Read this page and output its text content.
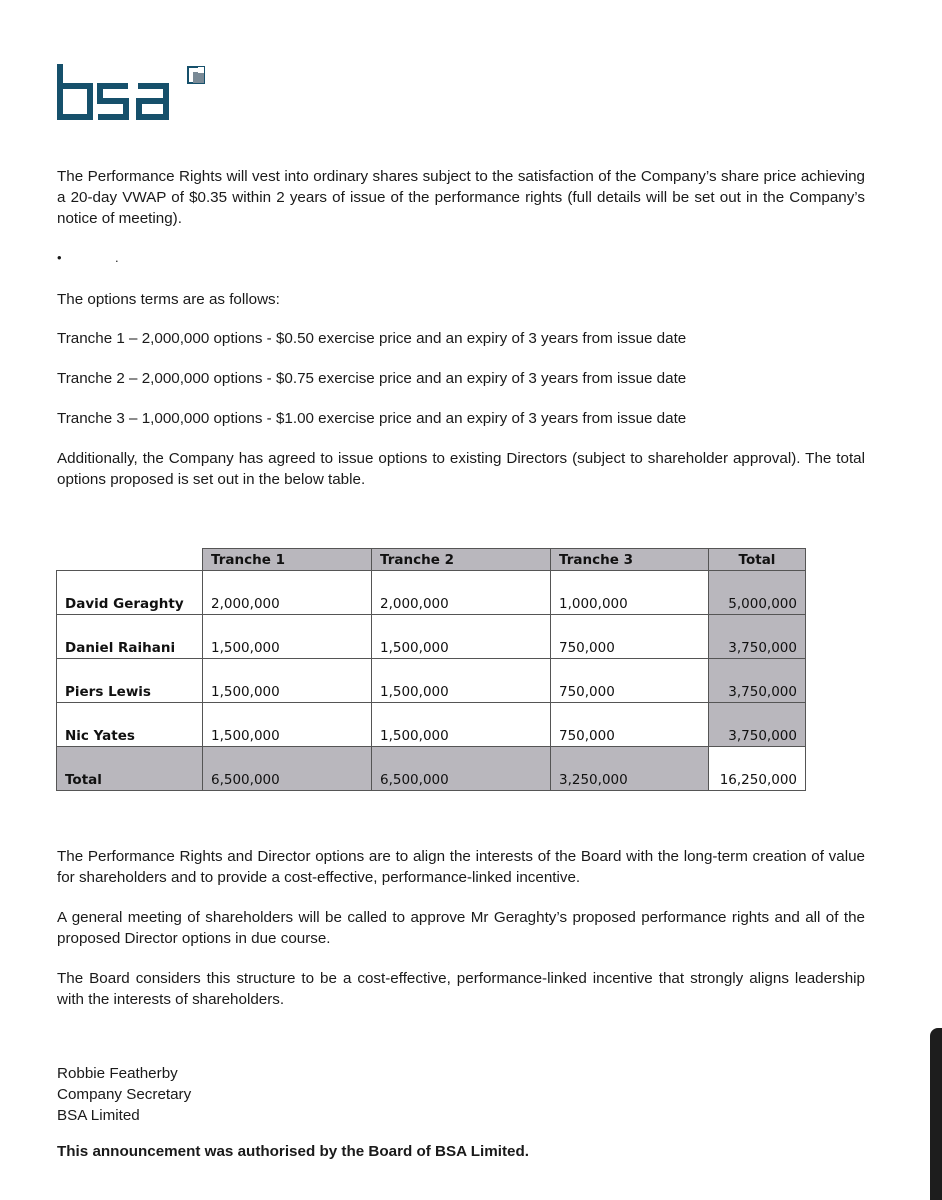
The Performance Rights will vest into ordinary shares subject to the satisfaction of the Company’s share price achieving a 20-day VWAP of $0.35 within 2 years of issue of the performance rights (full details will be set out in the Company’s notice of meeting).

•	.

The options terms are as follows:

Tranche 1 – 2,000,000 options - $0.50 exercise price and an expiry of 3 years from issue date

Tranche 2 – 2,000,000 options - $0.75 exercise price and an expiry of 3 years from issue date

Tranche 3 – 1,000,000 options - $1.00 exercise price and an expiry of 3 years from issue date

Additionally, the Company has agreed to issue options to existing Directors (subject to shareholder approval). The total options proposed is set out in the below table.

	Tranche 1	Tranche 2	Tranche 3	Total
David Geraghty	2,000,000	2,000,000	1,000,000	5,000,000
Daniel Raihani	1,500,000	1,500,000	750,000	3,750,000
Piers Lewis	1,500,000	1,500,000	750,000	3,750,000
Nic Yates	1,500,000	1,500,000	750,000	3,750,000
Total	6,500,000	6,500,000	3,250,000	16,250,000

The Performance Rights and Director options are to align the interests of the Board with the long-term creation of value for shareholders and to provide a cost-effective, performance-linked incentive.

A general meeting of shareholders will be called to approve Mr Geraghty’s proposed performance rights and all of the proposed Director options in due course.

The Board considers this structure to be a cost-effective, performance-linked incentive that strongly aligns leadership with the interests of shareholders.

Robbie Featherby

Company Secretary

BSA Limited

This announcement was authorised by the Board of BSA Limited.
